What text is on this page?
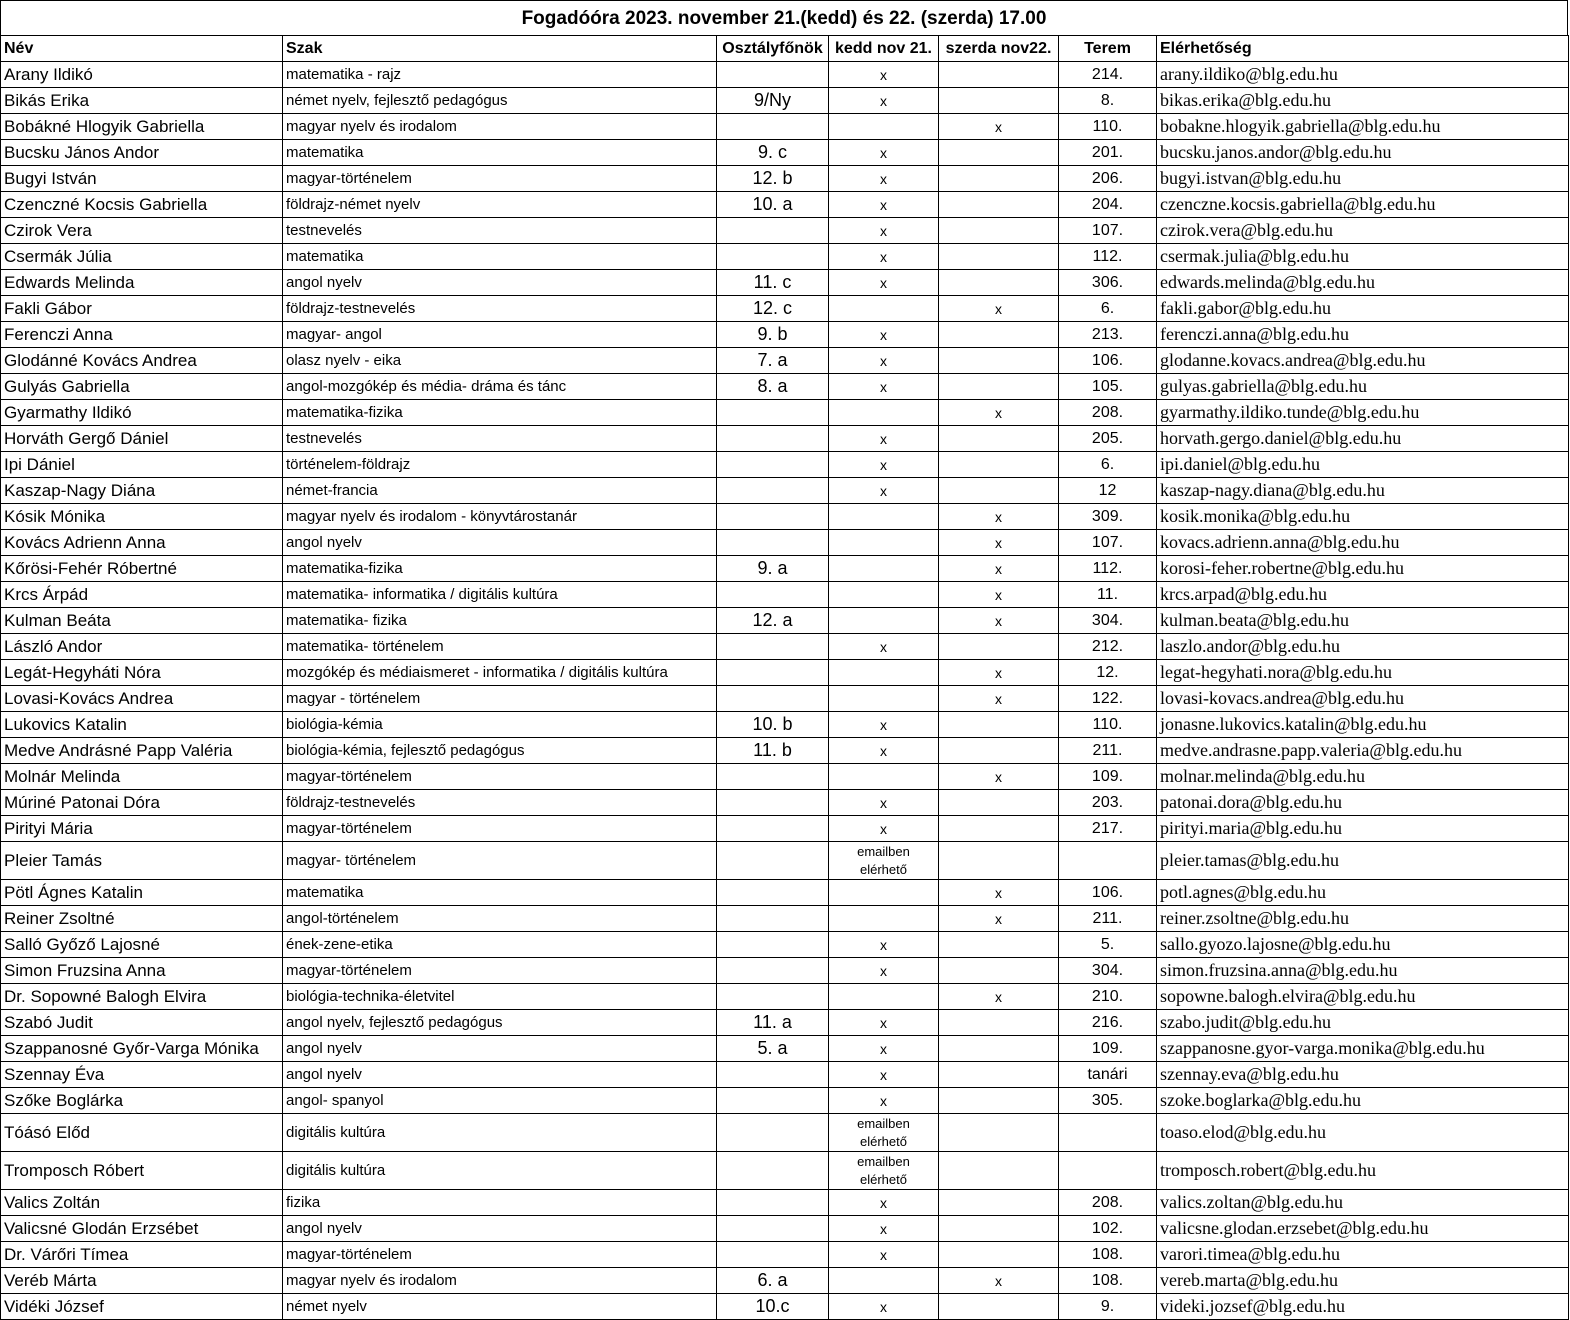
Fogadóóra 2023. november 21.(kedd) és 22. (szerda) 17.00
Név	Szak	Osztályfőnök	kedd nov 21.	szerda nov22.	Terem	Elérhetőség
Arany Ildikó	matematika - rajz		x		214.	arany.ildiko@blg.edu.hu
Bikás Erika	német nyelv, fejlesztő pedagógus	9/Ny	x		8.	bikas.erika@blg.edu.hu
Bobákné Hlogyik Gabriella	magyar nyelv és irodalom			x	110.	bobakne.hlogyik.gabriella@blg.edu.hu
Bucsku János Andor	matematika	9. c	x		201.	bucsku.janos.andor@blg.edu.hu
Bugyi István	magyar-történelem	12. b	x		206.	bugyi.istvan@blg.edu.hu
Czenczné Kocsis Gabriella	földrajz-német nyelv	10. a	x		204.	czenczne.kocsis.gabriella@blg.edu.hu
Czirok Vera	testnevelés		x		107.	czirok.vera@blg.edu.hu
Csermák Júlia	matematika		x		112.	csermak.julia@blg.edu.hu
Edwards Melinda	angol nyelv	11. c	x		306.	edwards.melinda@blg.edu.hu
Fakli Gábor	földrajz-testnevelés	12. c		x	6.	fakli.gabor@blg.edu.hu
Ferenczi Anna	magyar- angol	9. b	x		213.	ferenczi.anna@blg.edu.hu
Glodánné Kovács Andrea	olasz nyelv - eika	7. a	x		106.	glodanne.kovacs.andrea@blg.edu.hu
Gulyás Gabriella	angol-mozgókép és média- dráma és tánc	8. a	x		105.	gulyas.gabriella@blg.edu.hu
Gyarmathy Ildikó	matematika-fizika			x	208.	gyarmathy.ildiko.tunde@blg.edu.hu
Horváth Gergő Dániel	testnevelés		x		205.	horvath.gergo.daniel@blg.edu.hu
Ipi Dániel	történelem-földrajz		x		6.	ipi.daniel@blg.edu.hu
Kaszap-Nagy Diána	német-francia		x		12	kaszap-nagy.diana@blg.edu.hu
Kósik Mónika	magyar nyelv és irodalom - könyvtárostanár			x	309.	kosik.monika@blg.edu.hu
Kovács Adrienn Anna	angol nyelv			x	107.	kovacs.adrienn.anna@blg.edu.hu
Kőrösi-Fehér Róbertné	matematika-fizika	9. a		x	112.	korosi-feher.robertne@blg.edu.hu
Krcs Árpád	matematika- informatika / digitális kultúra			x	11.	krcs.arpad@blg.edu.hu
Kulman Beáta	matematika- fizika	12. a		x	304.	kulman.beata@blg.edu.hu
László Andor	matematika- történelem		x		212.	laszlo.andor@blg.edu.hu
Legát-Hegyháti Nóra	mozgókép és médiaismeret - informatika / digitális kultúra			x	12.	legat-hegyhati.nora@blg.edu.hu
Lovasi-Kovács Andrea	magyar - történelem			x	122.	lovasi-kovacs.andrea@blg.edu.hu
Lukovics Katalin	biológia-kémia	10. b	x		110.	jonasne.lukovics.katalin@blg.edu.hu
Medve Andrásné Papp Valéria	biológia-kémia, fejlesztő pedagógus	11. b	x		211.	medve.andrasne.papp.valeria@blg.edu.hu
Molnár Melinda	magyar-történelem			x	109.	molnar.melinda@blg.edu.hu
Múriné Patonai Dóra	földrajz-testnevelés		x		203.	patonai.dora@blg.edu.hu
Pirityi Mária	magyar-történelem		x		217.	pirityi.maria@blg.edu.hu
Pleier Tamás	magyar- történelem		emailben elérhető			pleier.tamas@blg.edu.hu
Pötl Ágnes Katalin	matematika			x	106.	potl.agnes@blg.edu.hu
Reiner Zsoltné	angol-történelem			x	211.	reiner.zsoltne@blg.edu.hu
Salló Győző Lajosné	ének-zene-etika		x		5.	sallo.gyozo.lajosne@blg.edu.hu
Simon Fruzsina Anna	magyar-történelem		x		304.	simon.fruzsina.anna@blg.edu.hu
Dr. Sopowné Balogh Elvira	biológia-technika-életvitel			x	210.	sopowne.balogh.elvira@blg.edu.hu
Szabó Judit	angol nyelv, fejlesztő pedagógus	11. a	x		216.	szabo.judit@blg.edu.hu
Szappanosné Győr-Varga Mónika	angol nyelv	5. a	x		109.	szappanosne.gyor-varga.monika@blg.edu.hu
Szennay Éva	angol nyelv		x		tanári	szennay.eva@blg.edu.hu
Szőke Boglárka	angol- spanyol		x		305.	szoke.boglarka@blg.edu.hu
Tóásó Előd	digitális kultúra		emailben elérhető			toaso.elod@blg.edu.hu
Tromposch Róbert	digitális kultúra		emailben elérhető			tromposch.robert@blg.edu.hu
Valics Zoltán	fizika		x		208.	valics.zoltan@blg.edu.hu
Valicsné Glodán Erzsébet	angol nyelv		x		102.	valicsne.glodan.erzsebet@blg.edu.hu
Dr. Várőri Tímea	magyar-történelem		x		108.	varori.timea@blg.edu.hu
Veréb Márta	magyar nyelv és irodalom	6. a		x	108.	vereb.marta@blg.edu.hu
Vidéki József	német nyelv	10.c	x		9.	videki.jozsef@blg.edu.hu
